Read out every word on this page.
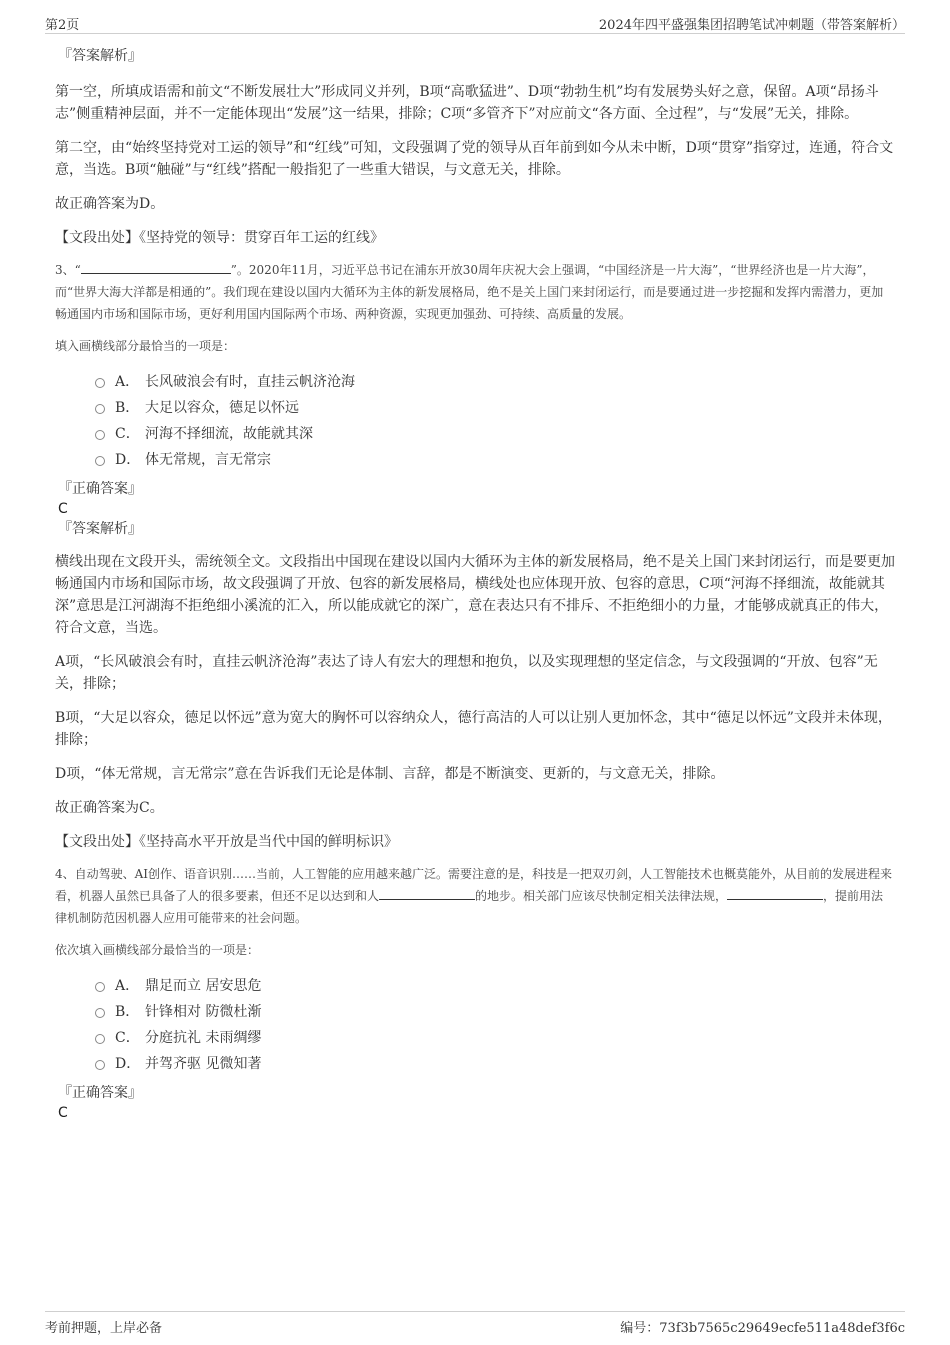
第2页	2024年四平盛强集团招聘笔试冲刺题（带答案解析）
『答案解析』

第一空，所填成语需和前文“不断发展壮大”形成同义并列，B项“高歌猛进”、D项“勃勃生机”均有发展势头好之意，保留。A项“昂扬斗志”侧重精神层面，并不一定能体现出“发展”这一结果，排除；C项“多管齐下”对应前文“各方面、全过程”，与“发展”无关，排除。

第二空，由“始终坚持党对工运的领导”和“红线”可知，文段强调了党的领导从百年前到如今从未中断，D项“贯穿”指穿过，连通，符合文意，当选。B项“触碰”与“红线”搭配一般指犯了一些重大错误，与文意无关，排除。

故正确答案为D。

【文段出处】《坚持党的领导：贯穿百年工运的红线》

3、“	”。2020年11月，习近平总书记在浦东开放30周年庆祝大会上强调，“中国经济是一片大海”，“世界经济也是一片大海”，而“世界大海大洋都是相通的”。我们现在建设以国内大循环为主体的新发展格局，绝不是关上国门来封闭运行，而是要通过进一步挖掘和发挥内需潜力，更加畅通国内市场和国际市场，更好利用国内国际两个市场、两种资源，实现更加强劲、可持续、高质量的发展。

填入画横线部分最恰当的一项是：

A． 长风破浪会有时，直挂云帆济沧海
B． 大足以容众，德足以怀远
C． 河海不择细流，故能就其深
D． 体无常规，言无常宗
『正确答案』
C
『答案解析』

横线出现在文段开头，需统领全文。文段指出中国现在建设以国内大循环为主体的新发展格局，绝不是关上国门来封闭运行，而是要更加畅通国内市场和国际市场，故文段强调了开放、包容的新发展格局，横线处也应体现开放、包容的意思，C项“河海不择细流，故能就其深”意思是江河湖海不拒绝细小溪流的汇入，所以能成就它的深广，意在表达只有不排斥、不拒绝细小的力量，才能够成就真正的伟大，符合文意，当选。

A项，“长风破浪会有时，直挂云帆济沧海”表达了诗人有宏大的理想和抱负，以及实现理想的坚定信念，与文段强调的“开放、包容”无关，排除；

B项，“大足以容众，德足以怀远”意为宽大的胸怀可以容纳众人，德行高洁的人可以让别人更加怀念，其中“德足以怀远”文段并未体现，排除；

D项，“体无常规，言无常宗”意在告诉我们无论是体制、言辞，都是不断演变、更新的，与文意无关，排除。

故正确答案为C。

【文段出处】《坚持高水平开放是当代中国的鲜明标识》

4、自动驾驶、AI创作、语音识别……当前，人工智能的应用越来越广泛。需要注意的是，科技是一把双刃剑，人工智能技术也概莫能外，从目前的发展进程来看，机器人虽然已具备了人的很多要素，但还不足以达到和人	的地步。相关部门应该尽快制定相关法律法规，	，提前用法律机制防范因机器人应用可能带来的社会问题。

依次填入画横线部分最恰当的一项是：

A． 鼎足而立 居安思危
B． 针锋相对 防微杜渐
C． 分庭抗礼 未雨绸缪
D． 并驾齐驱 见微知著
『正确答案』
C
考前押题，上岸必备	编号：73f3b7565c29649ecfe511a48def3f6c
